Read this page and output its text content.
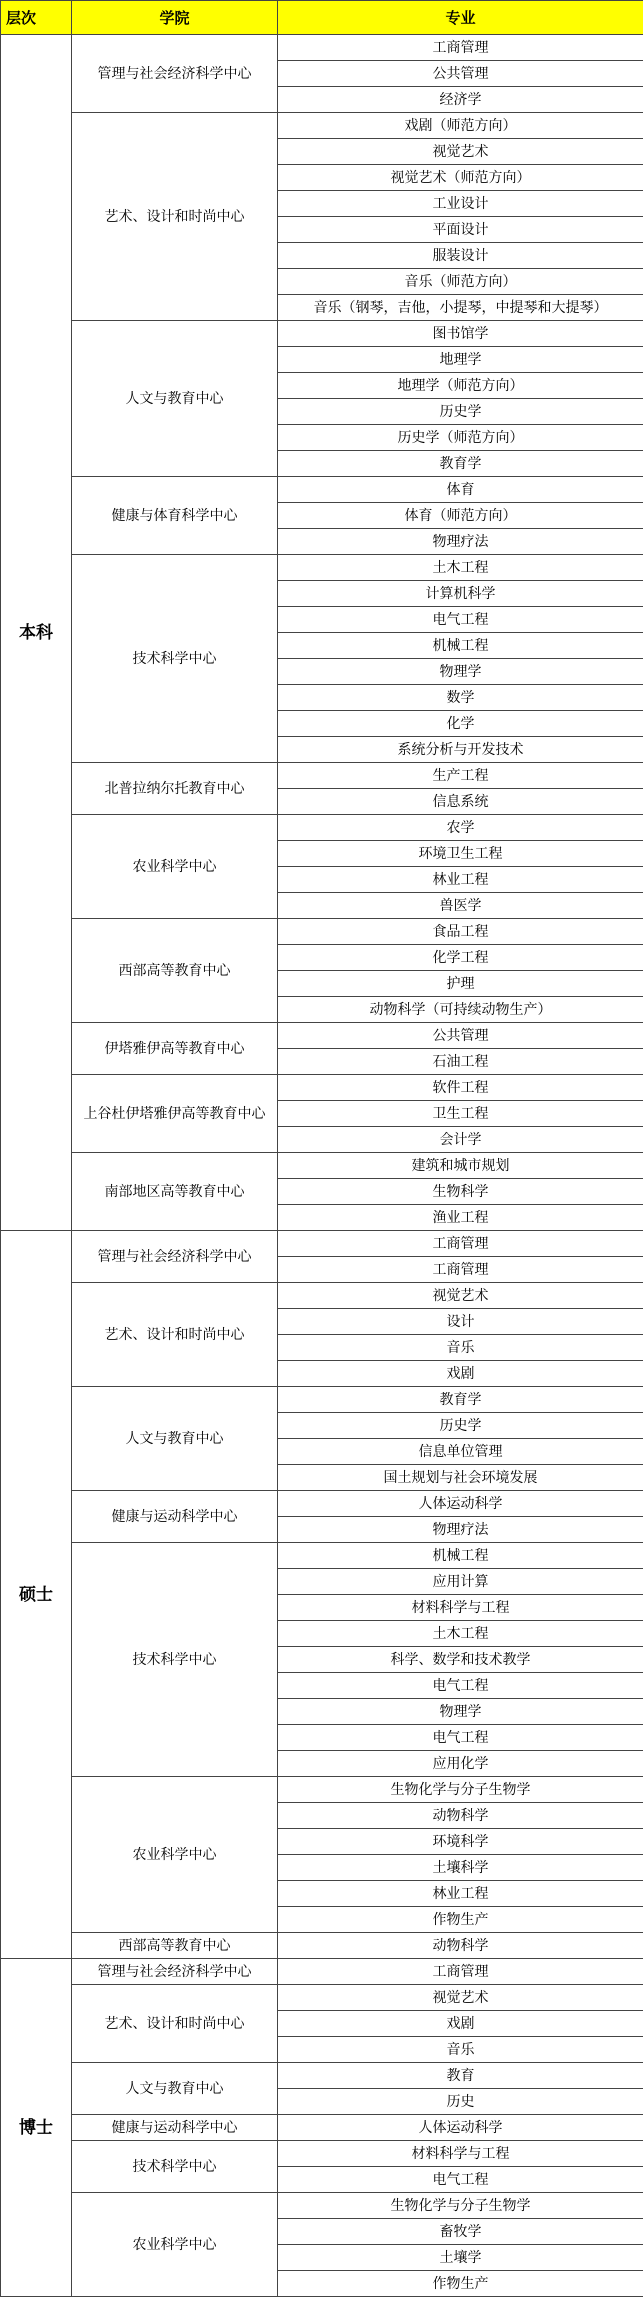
层次	学院	专业
本科	管理与社会经济科学中心	工商管理
		公共管理
		经济学
	艺术、设计和时尚中心	戏剧（师范方向）
		视觉艺术
		视觉艺术（师范方向）
		工业设计
		平面设计
		服装设计
		音乐（师范方向）
		音乐（钢琴，吉他，小提琴，中提琴和大提琴）
	人文与教育中心	图书馆学
		地理学
		地理学（师范方向）
		历史学
		历史学（师范方向）
		教育学
	健康与体育科学中心	体育
		体育（师范方向）
		物理疗法
	技术科学中心	土木工程
		计算机科学
		电气工程
		机械工程
		物理学
		数学
		化学
		系统分析与开发技术
	北普拉纳尔托教育中心	生产工程
		信息系统
	农业科学中心	农学
		环境卫生工程
		林业工程
		兽医学
	西部高等教育中心	食品工程
		化学工程
		护理
		动物科学（可持续动物生产）
	伊塔雅伊高等教育中心	公共管理
		石油工程
	上谷杜伊塔雅伊高等教育中心	软件工程
		卫生工程
		会计学
	南部地区高等教育中心	建筑和城市规划
		生物科学
		渔业工程
硕士	管理与社会经济科学中心	工商管理
		工商管理
	艺术、设计和时尚中心	视觉艺术
		设计
		音乐
		戏剧
	人文与教育中心	教育学
		历史学
		信息单位管理
		国土规划与社会环境发展
	健康与运动科学中心	人体运动科学
		物理疗法
	技术科学中心	机械工程
		应用计算
		材料科学与工程
		土木工程
		科学、数学和技术教学
		电气工程
		物理学
		电气工程
		应用化学
	农业科学中心	生物化学与分子生物学
		动物科学
		环境科学
		土壤科学
		林业工程
		作物生产
	西部高等教育中心	动物科学
博士	管理与社会经济科学中心	工商管理
	艺术、设计和时尚中心	视觉艺术
		戏剧
		音乐
	人文与教育中心	教育
		历史
	健康与运动科学中心	人体运动科学
	技术科学中心	材料科学与工程
		电气工程
	农业科学中心	生物化学与分子生物学
		畜牧学
		土壤学
		作物生产
